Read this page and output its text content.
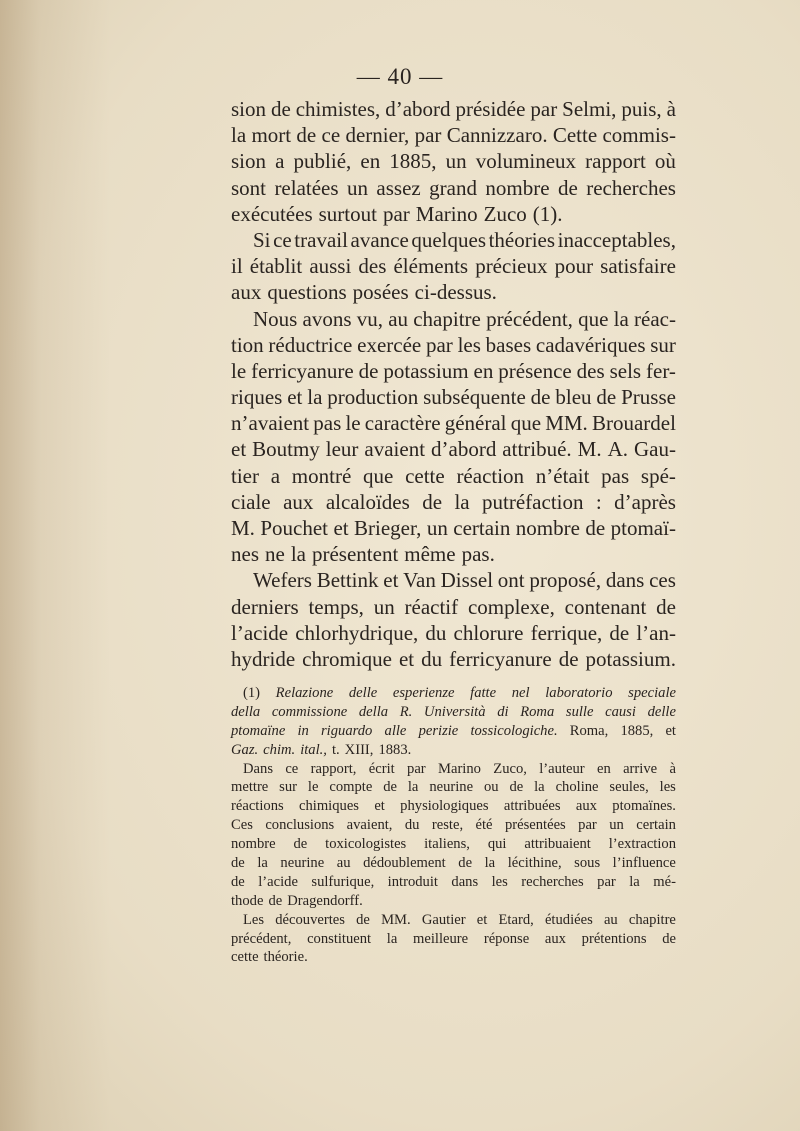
— 40 —
sion de chimistes, d’abord présidée par Selmi, puis, à
la mort de ce dernier, par Cannizzaro. Cette commis-
sion a publié, en 1885, un volumineux rapport où
sont relatées un assez grand nombre de recherches
exécutées surtout par Marino Zuco (1).
Si ce travail avance quelques théories inacceptables,
il établit aussi des éléments précieux pour satisfaire
aux questions posées ci-dessus.
Nous avons vu, au chapitre précédent, que la réac-
tion réductrice exercée par les bases cadavériques sur
le ferricyanure de potassium en présence des sels fer-
riques et la production subséquente de bleu de Prusse
n’avaient pas le caractère général que MM. Brouardel
et Boutmy leur avaient d’abord attribué. M. A. Gau-
tier a montré que cette réaction n’était pas spé-
ciale aux alcaloïdes de la putréfaction : d’après
M. Pouchet et Brieger, un certain nombre de ptomaï-
nes ne la présentent même pas.
Wefers Bettink et Van Dissel ont proposé, dans ces
derniers temps, un réactif complexe, contenant de
l’acide chlorhydrique, du chlorure ferrique, de l’an-
hydride chromique et du ferricyanure de potassium.
(1) Relazione delle esperienze fatte nel laboratorio speciale
della commissione della R. Università di Roma sulle causi delle
ptomaïne in riguardo alle perizie tossicologiche. Roma, 1885, et
Gaz. chim. ital., t. XIII, 1883.
Dans ce rapport, écrit par Marino Zuco, l’auteur en arrive à
mettre sur le compte de la neurine ou de la choline seules, les
réactions chimiques et physiologiques attribuées aux ptomaïnes.
Ces conclusions avaient, du reste, été présentées par un certain
nombre de toxicologistes italiens, qui attribuaient l’extraction
de la neurine au dédoublement de la lécithine, sous l’influence
de l’acide sulfurique, introduit dans les recherches par la mé-
thode de Dragendorff.
Les découvertes de MM. Gautier et Etard, étudiées au chapitre
précédent, constituent la meilleure réponse aux prétentions de
cette théorie.
